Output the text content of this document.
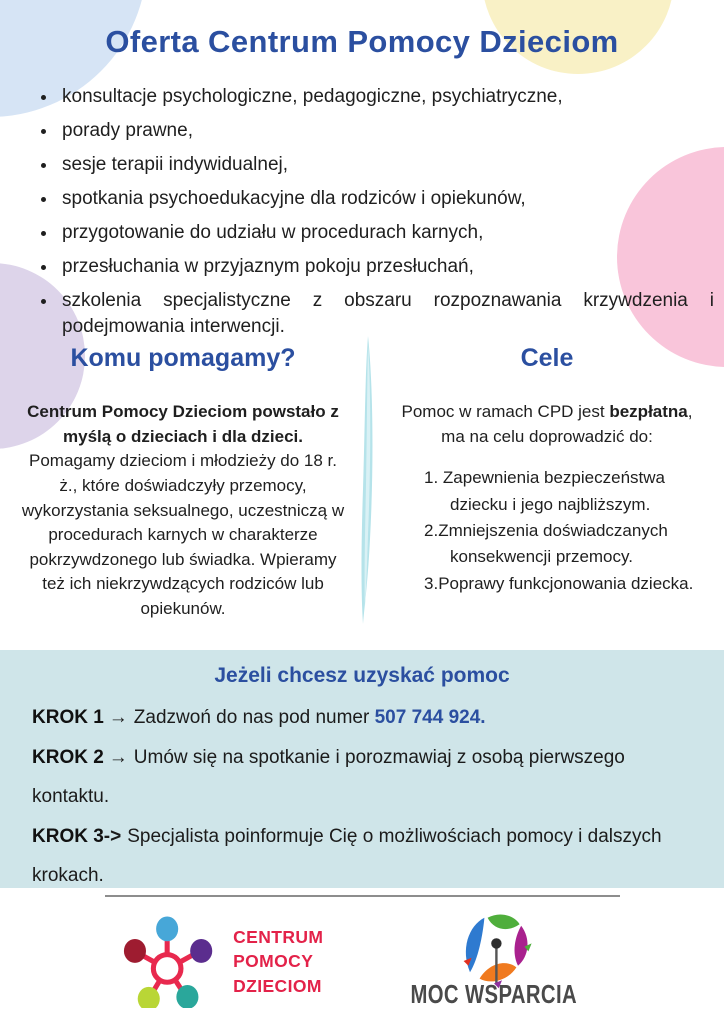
Oferta Centrum Pomocy Dzieciom
• konsultacje psychologiczne, pedagogiczne, psychiatryczne,
• porady prawne,
• sesje terapii indywidualnej,
• spotkania psychoedukacyjne dla rodziców i opiekunów,
• przygotowanie do udziału w procedurach karnych,
• przesłuchania w przyjaznym pokoju przesłuchań,
• szkolenia specjalistyczne z obszaru rozpoznawania krzywdzenia i podejmowania interwencji.
Komu pomagamy?

Centrum Pomocy Dzieciom powstało z myślą o dzieciach i dla dzieci. Pomagamy dzieciom i młodzieży do 18 r. ż., które doświadczyły przemocy, wykorzystania seksualnego, uczestniczą w procedurach karnych w charakterze pokrzywdzonego lub świadka. Wpieramy też ich niekrzywdzących rodziców lub opiekunów.

Cele

Pomoc w ramach CPD jest bezpłatna, ma na celu doprowadzić do:

1. Zapewnienia bezpieczeństwa dziecku i jego najbliższym.
2.Zmniejszenia doświadczanych konsekwencji przemocy.
3.Poprawy funkcjonowania dziecka.
Jeżeli chcesz uzyskać pomoc

KROK 1 → Zadzwoń do nas pod numer 507 744 924.

KROK 2 → Umów się na spotkanie i porozmawiaj z osobą pierwszego kontaktu.

KROK 3-> Specjalista poinformuje Cię o możliwościach pomocy i dalszych krokach.

CENTRUM
POMOCY
DZIECIOM	MOC WSPARCIA
